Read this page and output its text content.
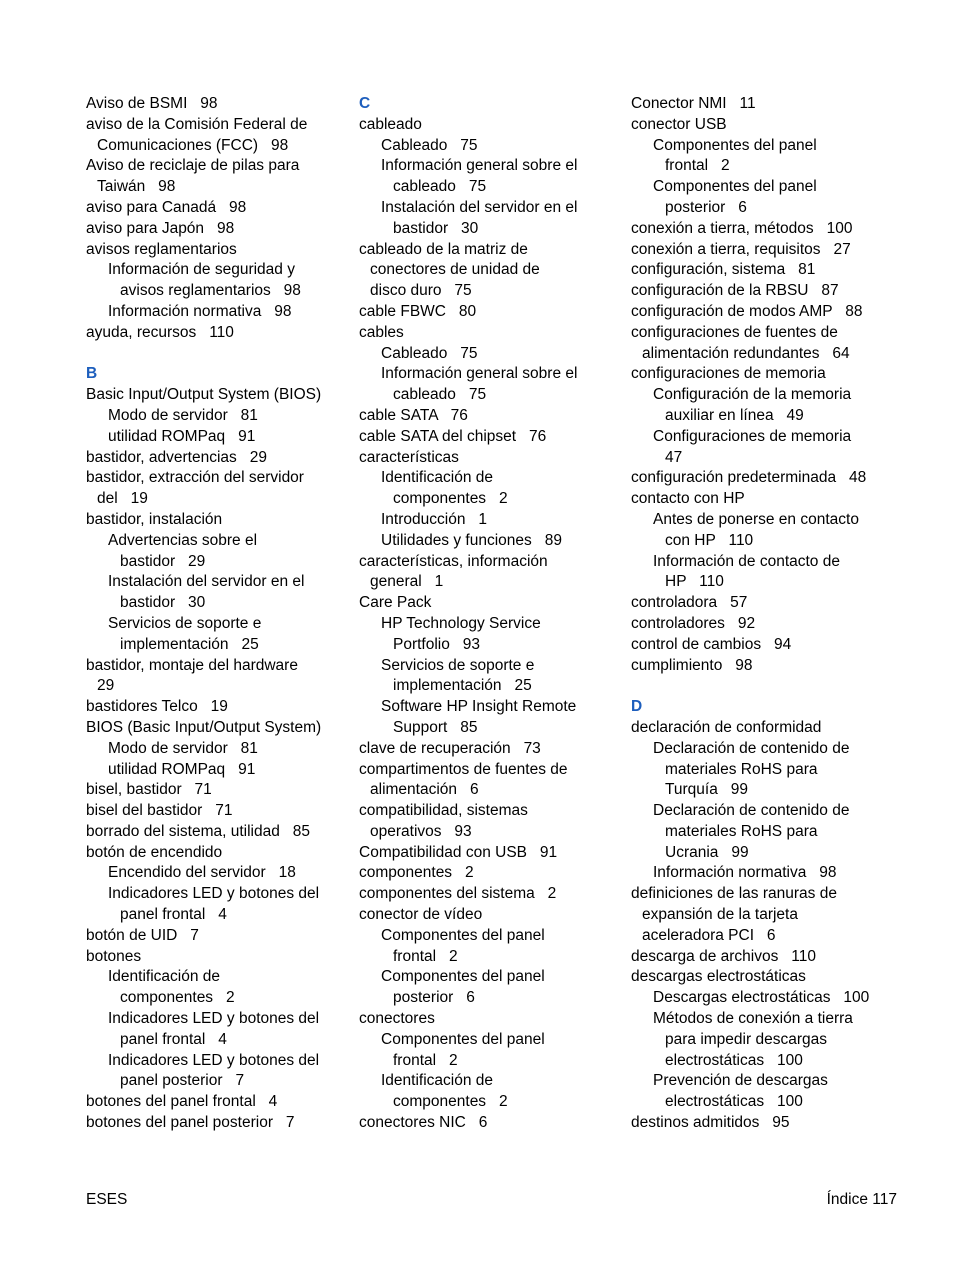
Aviso de BSMI   98
aviso de la Comisión Federal de
Comunicaciones (FCC)   98
Aviso de reciclaje de pilas para
Taiwán   98
aviso para Canadá   98
aviso para Japón   98
avisos reglamentarios
Información de seguridad y
avisos reglamentarios   98
Información normativa   98
ayuda, recursos   110
B
Basic Input/Output System (BIOS)
Modo de servidor   81
utilidad ROMPaq   91
bastidor, advertencias   29
bastidor, extracción del servidor
del   19
bastidor, instalación
Advertencias sobre el
bastidor   29
Instalación del servidor en el
bastidor   30
Servicios de soporte e
implementación   25
bastidor, montaje del hardware
29
bastidores Telco   19
BIOS (Basic Input/Output System)
Modo de servidor   81
utilidad ROMPaq   91
bisel, bastidor   71
bisel del bastidor   71
borrado del sistema, utilidad   85
botón de encendido
Encendido del servidor   18
Indicadores LED y botones del
panel frontal   4
botón de UID   7
botones
Identificación de
componentes   2
Indicadores LED y botones del
panel frontal   4
Indicadores LED y botones del
panel posterior   7
botones del panel frontal   4
botones del panel posterior   7
C
cableado
Cableado   75
Información general sobre el
cableado   75
Instalación del servidor en el
bastidor   30
cableado de la matriz de
conectores de unidad de
disco duro   75
cable FBWC   80
cables
Cableado   75
Información general sobre el
cableado   75
cable SATA   76
cable SATA del chipset   76
características
Identificación de
componentes   2
Introducción   1
Utilidades y funciones   89
características, información
general   1
Care Pack
HP Technology Service
Portfolio   93
Servicios de soporte e
implementación   25
Software HP Insight Remote
Support   85
clave de recuperación   73
compartimentos de fuentes de
alimentación   6
compatibilidad, sistemas
operativos   93
Compatibilidad con USB   91
componentes   2
componentes del sistema   2
conector de vídeo
Componentes del panel
frontal   2
Componentes del panel
posterior   6
conectores
Componentes del panel
frontal   2
Identificación de
componentes   2
conectores NIC   6
Conector NMI   11
conector USB
Componentes del panel
frontal   2
Componentes del panel
posterior   6
conexión a tierra, métodos   100
conexión a tierra, requisitos   27
configuración, sistema   81
configuración de la RBSU   87
configuración de modos AMP   88
configuraciones de fuentes de
alimentación redundantes   64
configuraciones de memoria
Configuración de la memoria
auxiliar en línea   49
Configuraciones de memoria
47
configuración predeterminada   48
contacto con HP
Antes de ponerse en contacto
con HP   110
Información de contacto de
HP   110
controladora   57
controladores   92
control de cambios   94
cumplimiento   98
D
declaración de conformidad
Declaración de contenido de
materiales RoHS para
Turquía   99
Declaración de contenido de
materiales RoHS para
Ucrania   99
Información normativa   98
definiciones de las ranuras de
expansión de la tarjeta
aceleradora PCI   6
descarga de archivos   110
descargas electrostáticas
Descargas electrostáticas   100
Métodos de conexión a tierra
para impedir descargas
electrostáticas   100
Prevención de descargas
electrostáticas   100
destinos admitidos   95
ESES	Índice 117
